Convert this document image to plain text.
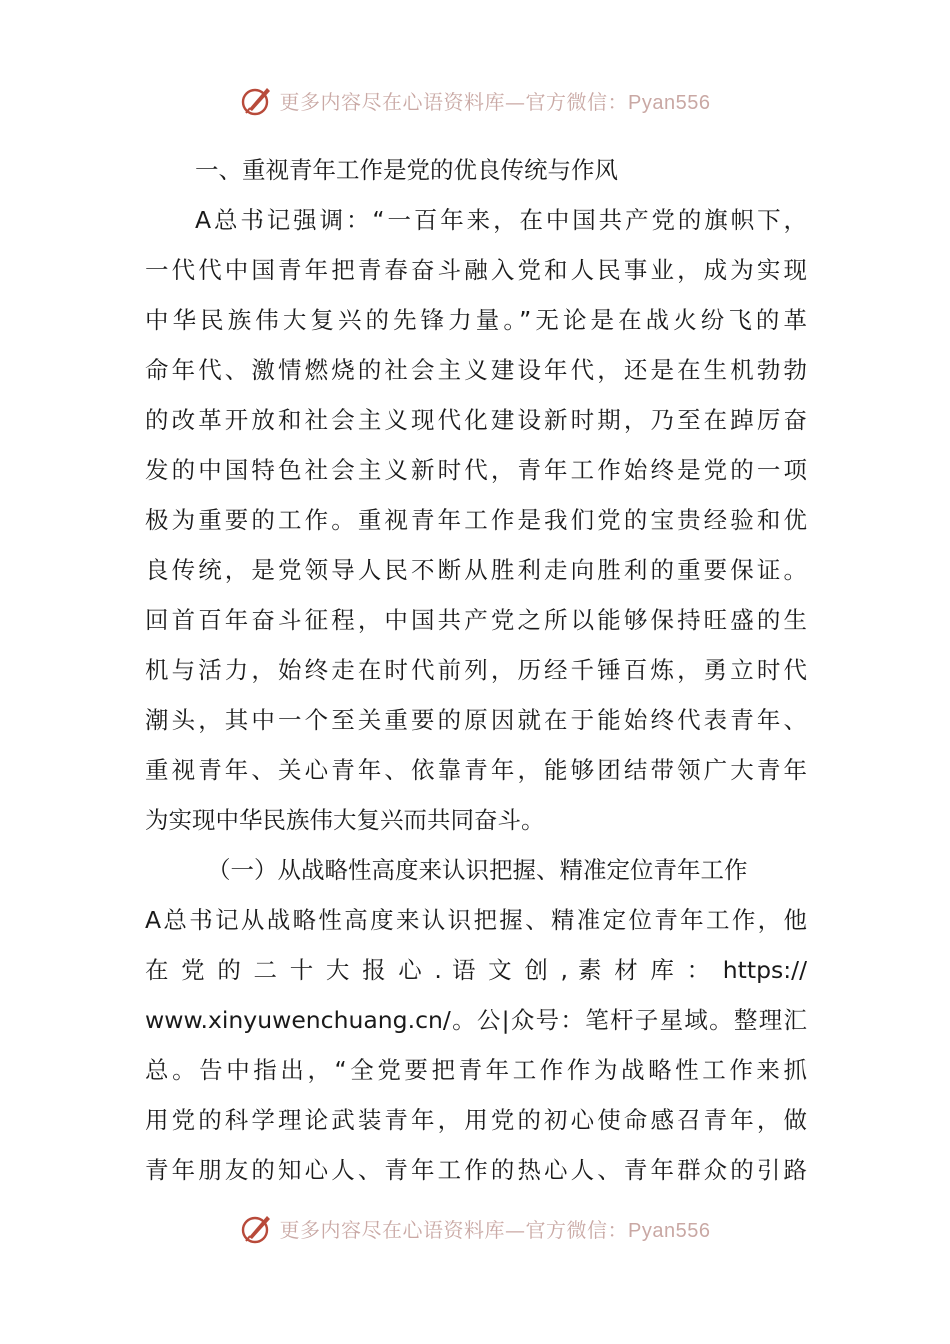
更多内容尽在心语资料库—官方微信：Pyan556
一、重视青年工作是党的优良传统与作风
A总书记强调：“一百年来，在中国共产党的旗帜下，
一代代中国青年把青春奋斗融入党和人民事业，成为实现
中华民族伟大复兴的先锋力量。”无论是在战火纷飞的革
命年代、激情燃烧的社会主义建设年代，还是在生机勃勃
的改革开放和社会主义现代化建设新时期，乃至在踔厉奋
发的中国特色社会主义新时代，青年工作始终是党的一项
极为重要的工作。重视青年工作是我们党的宝贵经验和优
良传统，是党领导人民不断从胜利走向胜利的重要保证。
回首百年奋斗征程，中国共产党之所以能够保持旺盛的生
机与活力，始终走在时代前列，历经千锤百炼，勇立时代
潮头，其中一个至关重要的原因就在于能始终代表青年、
重视青年、关心青年、依靠青年，能够团结带领广大青年
为实现中华民族伟大复兴而共同奋斗。
（一）从战略性高度来认识把握、精准定位青年工作
A总书记从战略性高度来认识把握、精准定位青年工作，他
在 党 的 二 十 大 报 心 . 语 文 创 , 素 材 库 ： https://
www.xinyuwenchuang.cn/。公|众号：笔杆子星域。整理汇
总。告中指出，“全党要把青年工作作为战略性工作来抓
用党的科学理论武装青年，用党的初心使命感召青年，做
青年朋友的知心人、青年工作的热心人、青年群众的引路
更多内容尽在心语资料库—官方微信：Pyan556
